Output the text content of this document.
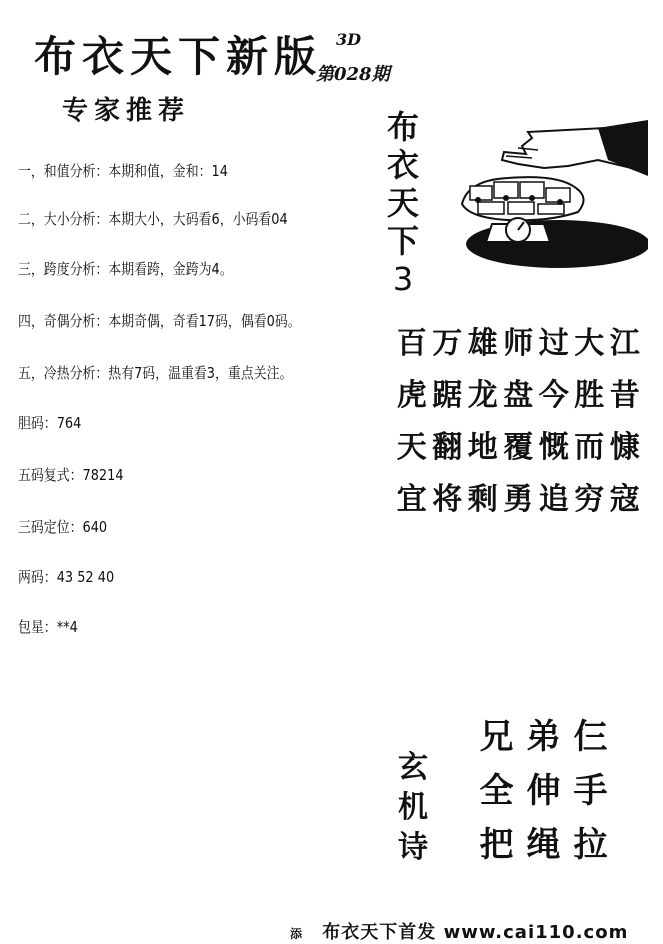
布衣天下新版 3D
第028期
专家推荐
一，和值分析：本期和值，金和：14
二，大小分析：本期大小，大码看6，小码看04
三，跨度分析：本期看跨，金跨为4。
四，奇偶分析：本期奇偶，奇看17码，偶看0码。
五，冷热分析：热有7码，温重看3，重点关注。
胆码：764
五码复式：78214
三码定位：640
两码：43 52 40
包星：**4
布
衣
天
下
3
百 万 雄 师 过 大 江
虎 踞 龙 盘 今 胜 昔
天 翻 地 覆 慨 而 慷
宜 将 剩 勇 追 穷 寇
玄
机
诗
兄 弟 仨
全 伸 手
把 绳 拉
添 布衣天下首发 www.cai110.com
